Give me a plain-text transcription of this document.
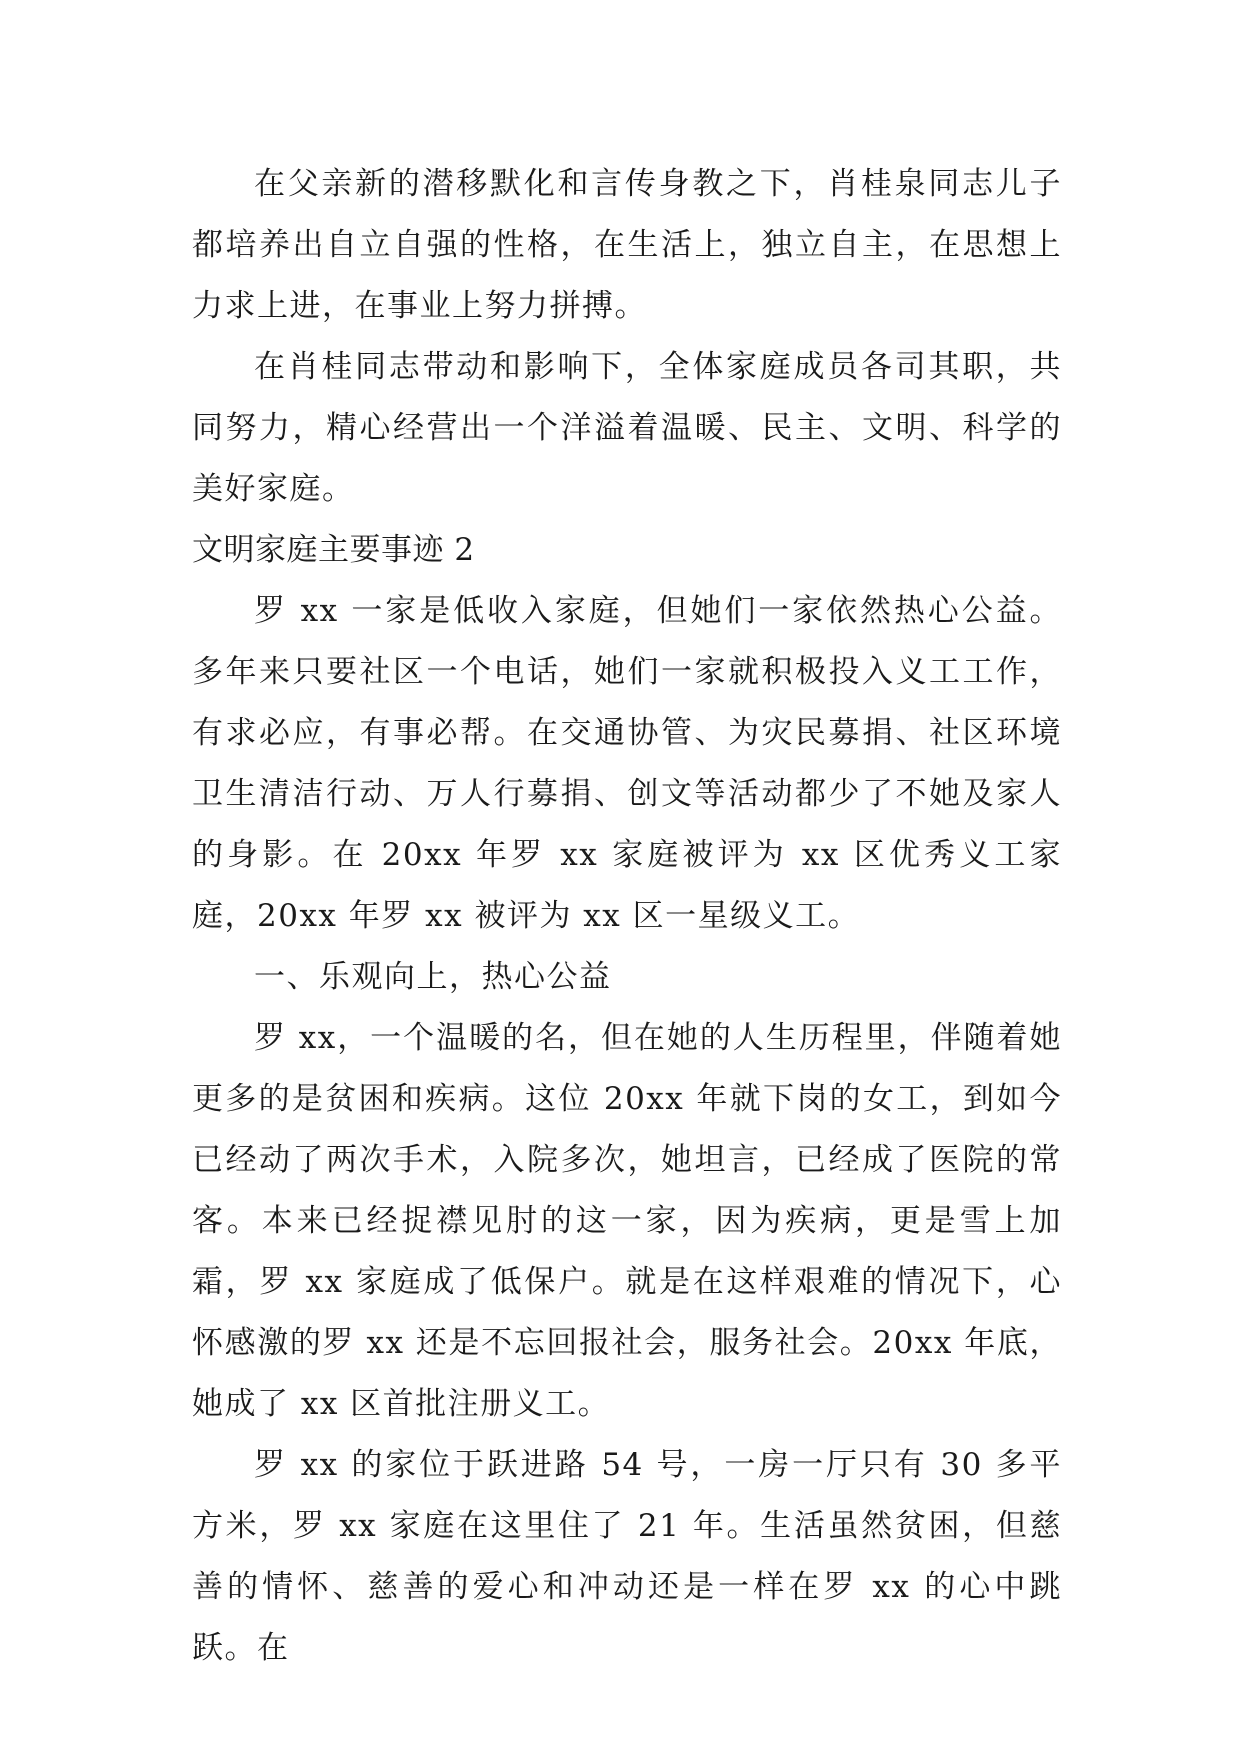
在父亲新的潜移默化和言传身教之下，肖桂泉同志儿子都培养出自立自强的性格，在生活上，独立自主，在思想上力求上进，在事业上努力拼搏。

在肖桂同志带动和影响下，全体家庭成员各司其职，共同努力，精心经营出一个洋溢着温暖、民主、文明、科学的美好家庭。

文明家庭主要事迹 2

罗 xx 一家是低收入家庭，但她们一家依然热心公益。多年来只要社区一个电话，她们一家就积极投入义工工作，有求必应，有事必帮。在交通协管、为灾民募捐、社区环境卫生清洁行动、万人行募捐、创文等活动都少了不她及家人的身影。在 20xx 年罗 xx 家庭被评为 xx 区优秀义工家庭，20xx 年罗 xx 被评为 xx 区一星级义工。

一、乐观向上，热心公益

罗 xx，一个温暖的名，但在她的人生历程里，伴随着她更多的是贫困和疾病。这位 20xx 年就下岗的女工，到如今已经动了两次手术，入院多次，她坦言，已经成了医院的常客。本来已经捉襟见肘的这一家，因为疾病，更是雪上加霜，罗 xx 家庭成了低保户。就是在这样艰难的情况下，心怀感激的罗 xx 还是不忘回报社会，服务社会。20xx 年底，她成了 xx 区首批注册义工。

罗 xx 的家位于跃进路 54 号，一房一厅只有 30 多平方米，罗 xx 家庭在这里住了 21 年。生活虽然贫困，但慈善的情怀、慈善的爱心和冲动还是一样在罗 xx 的心中跳跃。在
